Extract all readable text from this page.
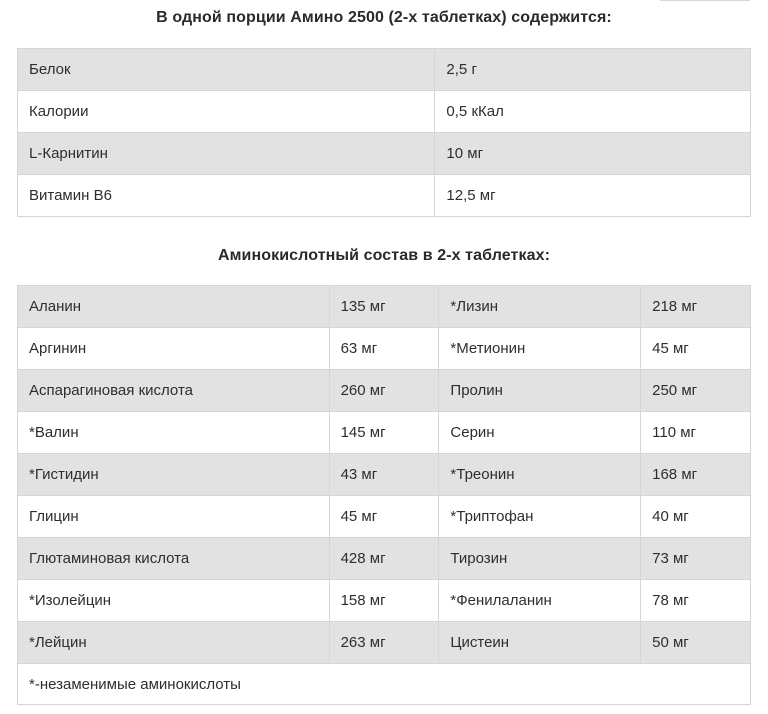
В одной порции Амино 2500 (2-х таблетках) содержится:
Белок	2,5 г
Калории	0,5 кКал
L-Карнитин	10 мг
Витамин В6	12,5 мг
Аминокислотный состав в 2-х таблетках:
Аланин	135 мг	*Лизин	218 мг
Аргинин	63 мг	*Метионин	45 мг
Аспарагиновая кислота	260 мг	Пролин	250 мг
*Валин	145 мг	Серин	110 мг
*Гистидин	43 мг	*Треонин	168 мг
Глицин	45 мг	*Триптофан	40 мг
Глютаминовая кислота	428 мг	Тирозин	73 мг
*Изолейцин	158 мг	*Фенилаланин	78 мг
*Лейцин	263 мг	Цистеин	50 мг
*-незаменимые аминокислоты			
